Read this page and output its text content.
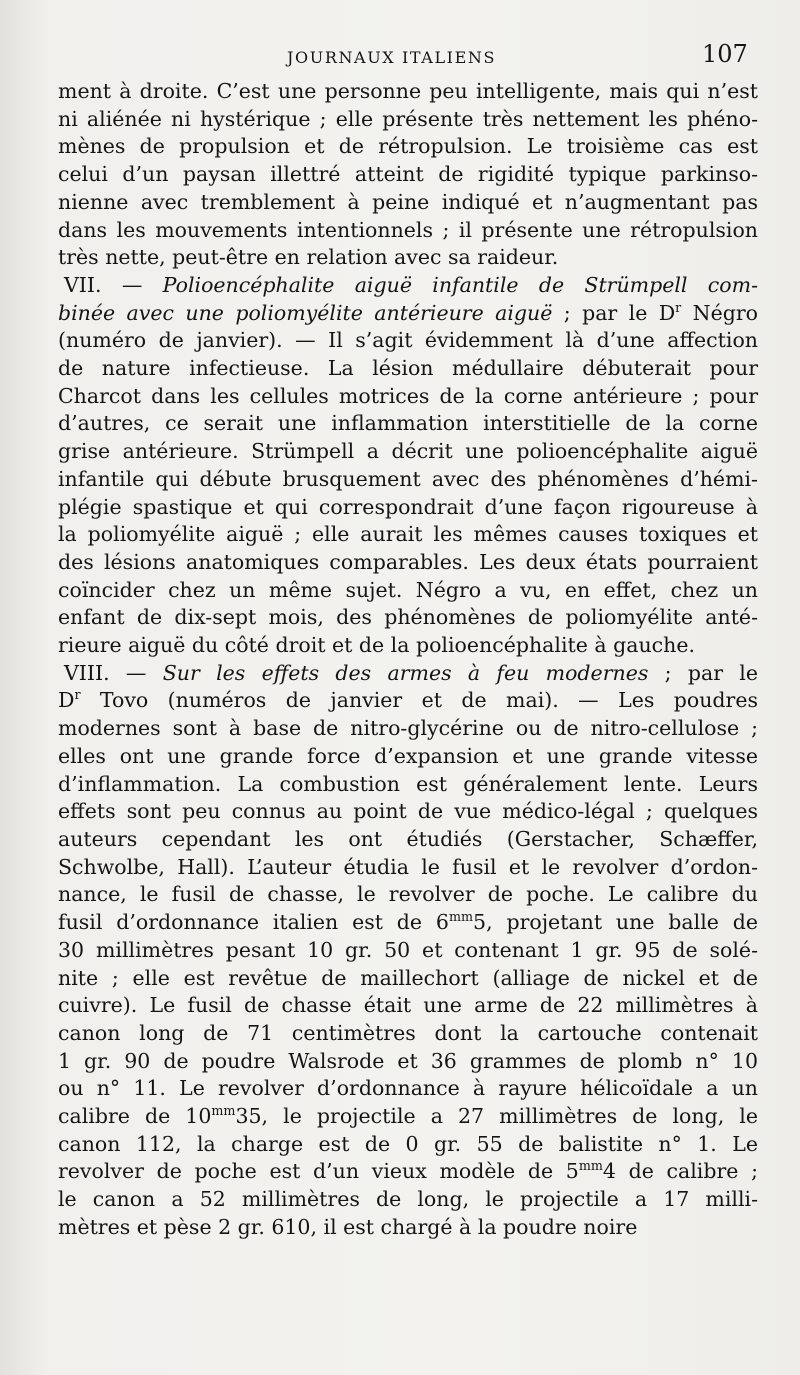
JOURNAUX ITALIENS	107

ment à droite. C’est une personne peu intelligente, mais qui n’est

ni aliénée ni hystérique ; elle présente très nettement les phéno-

mènes de propulsion et de rétropulsion. Le troisième cas est

celui d’un paysan illettré atteint de rigidité typique parkinso-

nienne avec tremblement à peine indiqué et n’augmentant pas

dans les mouvements intentionnels ; il présente une rétropulsion

très nette, peut-être en relation avec sa raideur.

VII. — Polioencéphalite aiguë infantile de Strümpell com-

binée avec une poliomyélite antérieure aiguë ; par le $D^r$ Négro

(numéro de janvier). — Il s’agit évidemment là d’une affection

de nature infectieuse. La lésion médullaire débuterait pour

Charcot dans les cellules motrices de la corne antérieure ; pour

d’autres, ce serait une inflammation interstitielle de la corne

grise antérieure. Strümpell a décrit une polioencéphalite aiguë

infantile qui débute brusquement avec des phénomènes d’hémi-

plégie spastique et qui correspondrait d’une façon rigoureuse à

la poliomyélite aiguë ; elle aurait les mêmes causes toxiques et

des lésions anatomiques comparables. Les deux états pourraient

coïncider chez un même sujet. Négro a vu, en effet, chez un

enfant de dix-sept mois, des phénomènes de poliomyélite anté-

rieure aiguë du côté droit et de la polioencéphalite à gauche.

VIII. — Sur les effets des armes à feu modernes ; par le

$D^r$ Tovo (numéros de janvier et de mai). — Les poudres

modernes sont à base de nitro-glycérine ou de nitro-cellulose ;

elles ont une grande force d’expansion et une grande vitesse

d’inflammation. La combustion est généralement lente. Leurs

effets sont peu connus au point de vue médico-légal ; quelques

auteurs cependant les ont étudiés (Gerstacher, Schæffer,

Schwolbe, Hall). L’auteur étudia le fusil et le revolver d’ordon-

nance, le fusil de chasse, le revolver de poche. Le calibre du

fusil d’ordonnance italien est de $6^{mm}5$, projetant une balle de

30 millimètres pesant 10 gr. 50 et contenant 1 gr. 95 de solé-

nite ; elle est revêtue de maillechort (alliage de nickel et de

cuivre). Le fusil de chasse était une arme de 22 millimètres à

canon long de 71 centimètres dont la cartouche contenait

1 gr. 90 de poudre Walsrode et 36 grammes de plomb n° 10

ou n° 11. Le revolver d’ordonnance à rayure hélicoïdale a un

calibre de $10^{mm}35$, le projectile a 27 millimètres de long, le

canon 112, la charge est de 0 gr. 55 de balistite n° 1. Le

revolver de poche est d’un vieux modèle de $5^{mm}4$ de calibre ;

le canon a 52 millimètres de long, le projectile a 17 milli-

mètres et pèse 2 gr. 610, il est chargé à la poudre noire
